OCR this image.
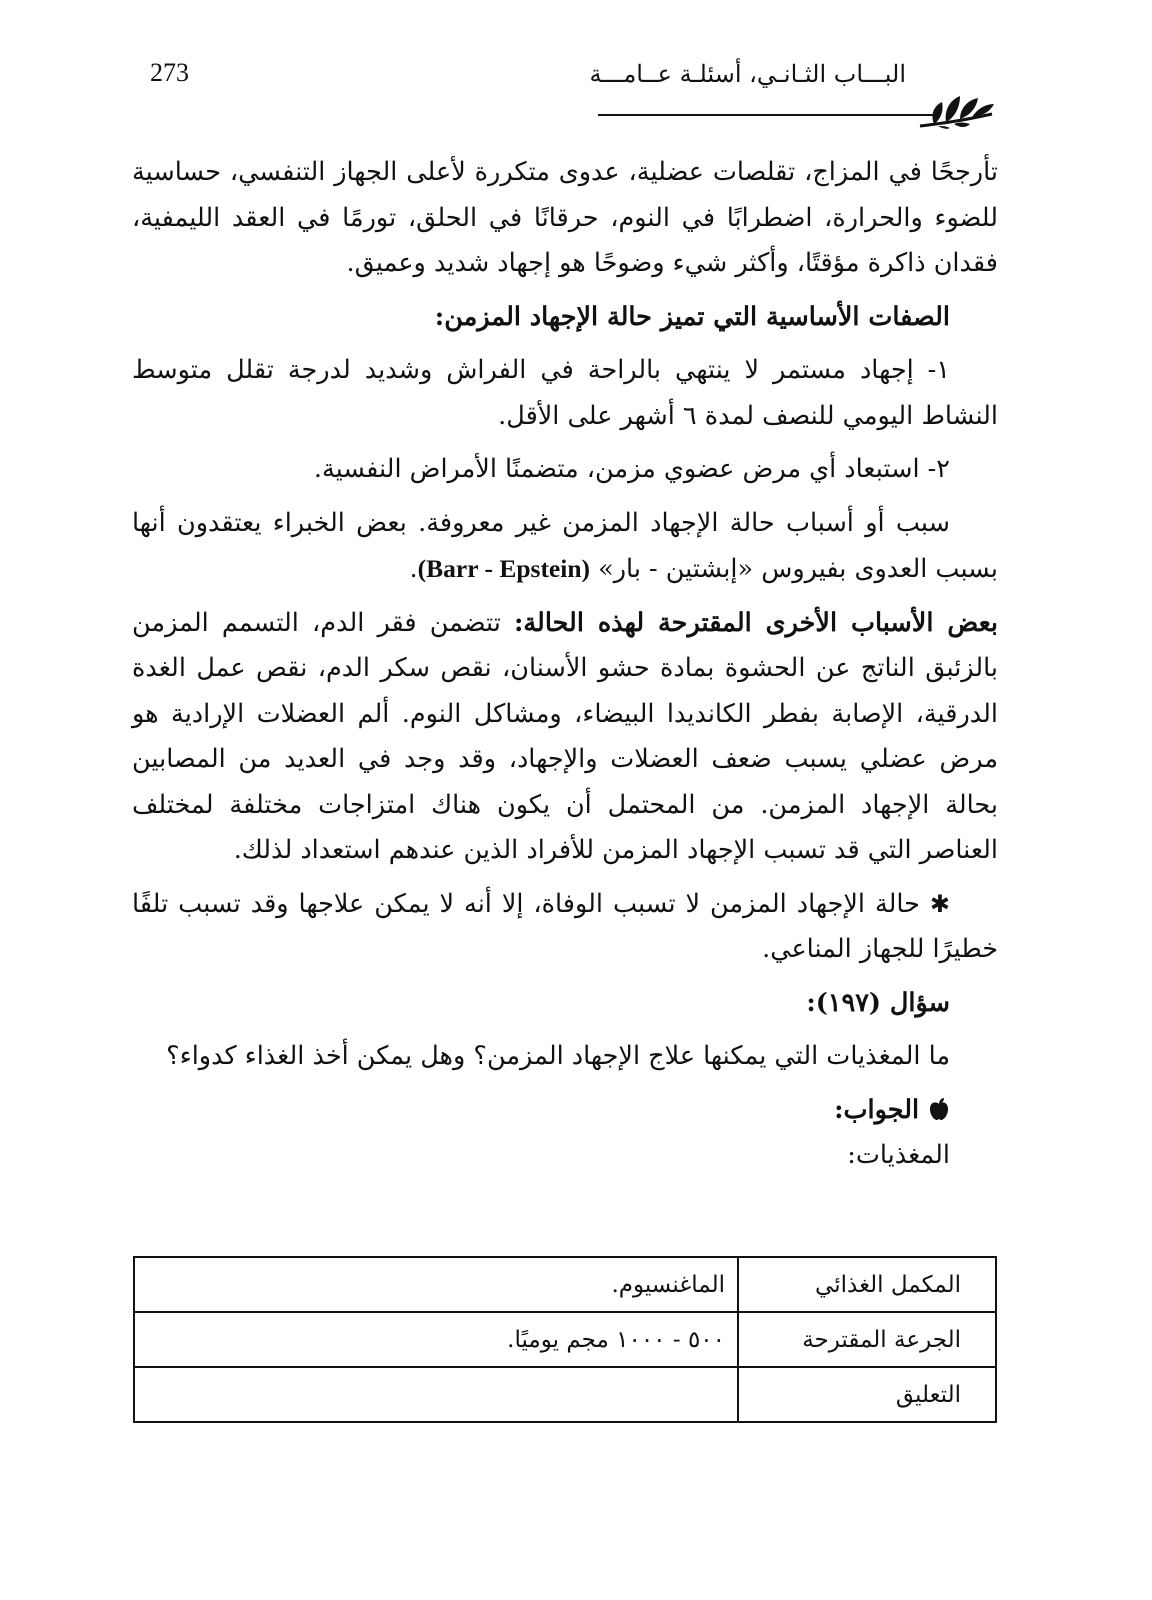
273	البـــاب الثـانـي، أسئلـة عــامـــة

تأرجحًا في المزاج، تقلصات عضلية، عدوى متكررة لأعلى الجهاز التنفسي، حساسية للضوء والحرارة، اضطرابًا في النوم، حرقانًا في الحلق، تورمًا في العقد الليمفية، فقدان ذاكرة مؤقتًا، وأكثر شيء وضوحًا هو إجهاد شديد وعميق.

الصفات الأساسية التي تميز حالة الإجهاد المزمن:

١- إجهاد مستمر لا ينتهي بالراحة في الفراش وشديد لدرجة تقلل متوسط النشاط اليومي للنصف لمدة ٦ أشهر على الأقل.

٢- استبعاد أي مرض عضوي مزمن، متضمنًا الأمراض النفسية.

سبب أو أسباب حالة الإجهاد المزمن غير معروفة. بعض الخبراء يعتقدون أنها بسبب العدوى بفيروس «إبشتين - بار» (Barr - Epstein).

بعض الأسباب الأخرى المقترحة لهذه الحالة: تتضمن فقر الدم، التسمم المزمن بالزئبق الناتج عن الحشوة بمادة حشو الأسنان، نقص سكر الدم، نقص عمل الغدة الدرقية، الإصابة بفطر الكانديدا البيضاء، ومشاكل النوم. ألم العضلات الإرادية هو مرض عضلي يسبب ضعف العضلات والإجهاد، وقد وجد في العديد من المصابين بحالة الإجهاد المزمن. من المحتمل أن يكون هناك امتزاجات مختلفة لمختلف العناصر التي قد تسبب الإجهاد المزمن للأفراد الذين عندهم استعداد لذلك.

✱ حالة الإجهاد المزمن لا تسبب الوفاة، إلا أنه لا يمكن علاجها وقد تسبب تلفًا خطيرًا للجهاز المناعي.

سؤال (١٩٧):

ما المغذيات التي يمكنها علاج الإجهاد المزمن؟ وهل يمكن أخذ الغذاء كدواء؟

الجواب:

المغذيات:

المكمل الغذائي	الماغنسيوم.
الجرعة المقترحة	٥٠٠ - ١٠٠٠ مجم يوميًا.
التعليق	
